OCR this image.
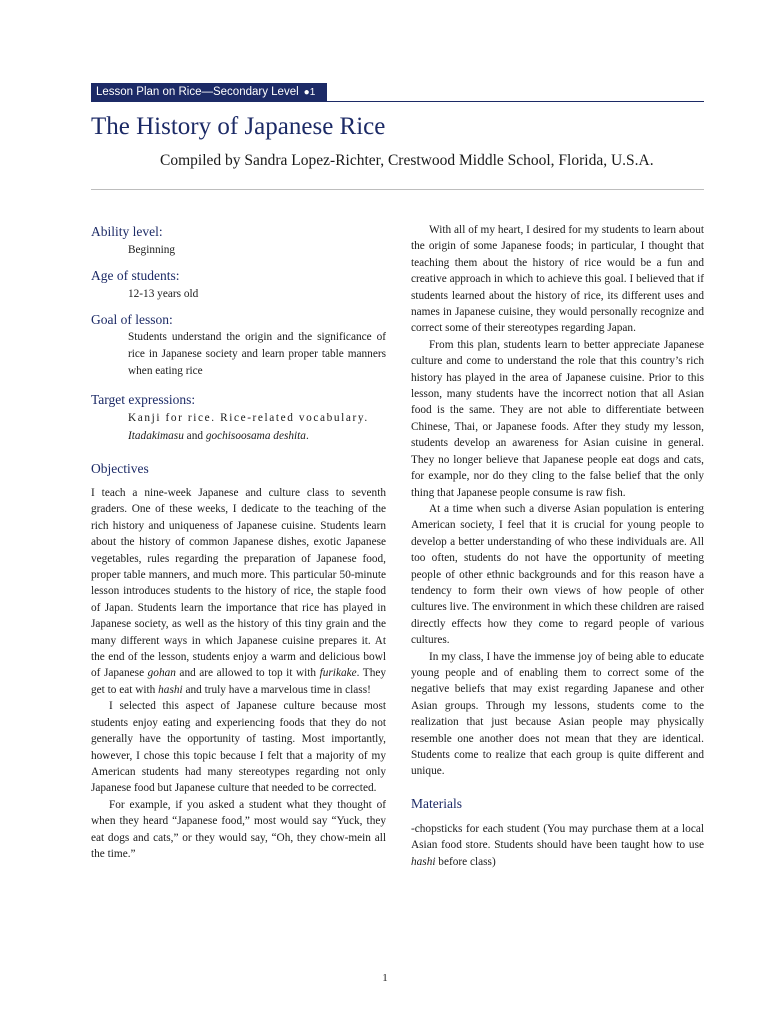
Lesson Plan on Rice—Secondary Level ●1
The History of Japanese Rice

Compiled by Sandra Lopez-Richter, Crestwood Middle School, Florida, U.S.A.

Ability level:

Beginning

Age of students:

12-13 years old

Goal of lesson:

Students understand the origin and the significance of rice in Japanese society and learn proper table manners when eating rice

Target expressions:

Kanji for rice. Rice-related vocabulary.

Itadakimasu and gochisoosama deshita.

Objectives

I teach a nine-week Japanese and culture class to seventh graders. One of these weeks, I dedicate to the teaching of the rich history and uniqueness of Japanese cuisine. Students learn about the history of common Japanese dishes, exotic Japanese vegetables, rules regarding the preparation of Japanese food, proper table manners, and much more. This particular 50-minute lesson introduces students to the history of rice, the staple food of Japan. Students learn the importance that rice has played in Japanese society, as well as the history of this tiny grain and the many different ways in which Japanese cuisine prepares it. At the end of the lesson, students enjoy a warm and delicious bowl of Japanese gohan and are allowed to top it with furikake. They get to eat with hashi and truly have a marvelous time in class!

I selected this aspect of Japanese culture because most students enjoy eating and experiencing foods that they do not generally have the opportunity of tasting. Most importantly, however, I chose this topic because I felt that a majority of my American students had many stereotypes regarding not only Japanese food but Japanese culture that needed to be corrected.

For example, if you asked a student what they thought of when they heard “Japanese food,” most would say “Yuck, they eat dogs and cats,” or they would say, “Oh, they chow-mein all the time.”

With all of my heart, I desired for my students to learn about the origin of some Japanese foods; in particular, I thought that teaching them about the history of rice would be a fun and creative approach in which to achieve this goal. I believed that if students learned about the history of rice, its different uses and names in Japanese cuisine, they would personally recognize and correct some of their stereotypes regarding Japan.

From this plan, students learn to better appreciate Japanese culture and come to understand the role that this country’s rich history has played in the area of Japanese cuisine. Prior to this lesson, many students have the incorrect notion that all Asian food is the same. They are not able to differentiate between Chinese, Thai, or Japanese foods. After they study my lesson, students develop an awareness for Asian cuisine in general. They no longer believe that Japanese people eat dogs and cats, for example, nor do they cling to the false belief that the only thing that Japanese people consume is raw fish.

At a time when such a diverse Asian population is entering American society, I feel that it is crucial for young people to develop a better understanding of who these individuals are. All too often, students do not have the opportunity of meeting people of other ethnic backgrounds and for this reason have a tendency to form their own views of how people of other cultures live. The environment in which these children are raised directly effects how they come to regard people of various cultures.

In my class, I have the immense joy of being able to educate young people and of enabling them to correct some of the negative beliefs that may exist regarding Japanese and other Asian groups. Through my lessons, students come to the realization that just because Asian people may physically resemble one another does not mean that they are identical. Students come to realize that each group is quite different and unique.

Materials

-chopsticks for each student (You may purchase them at a local Asian food store. Students should have been taught how to use hashi before class)

1
